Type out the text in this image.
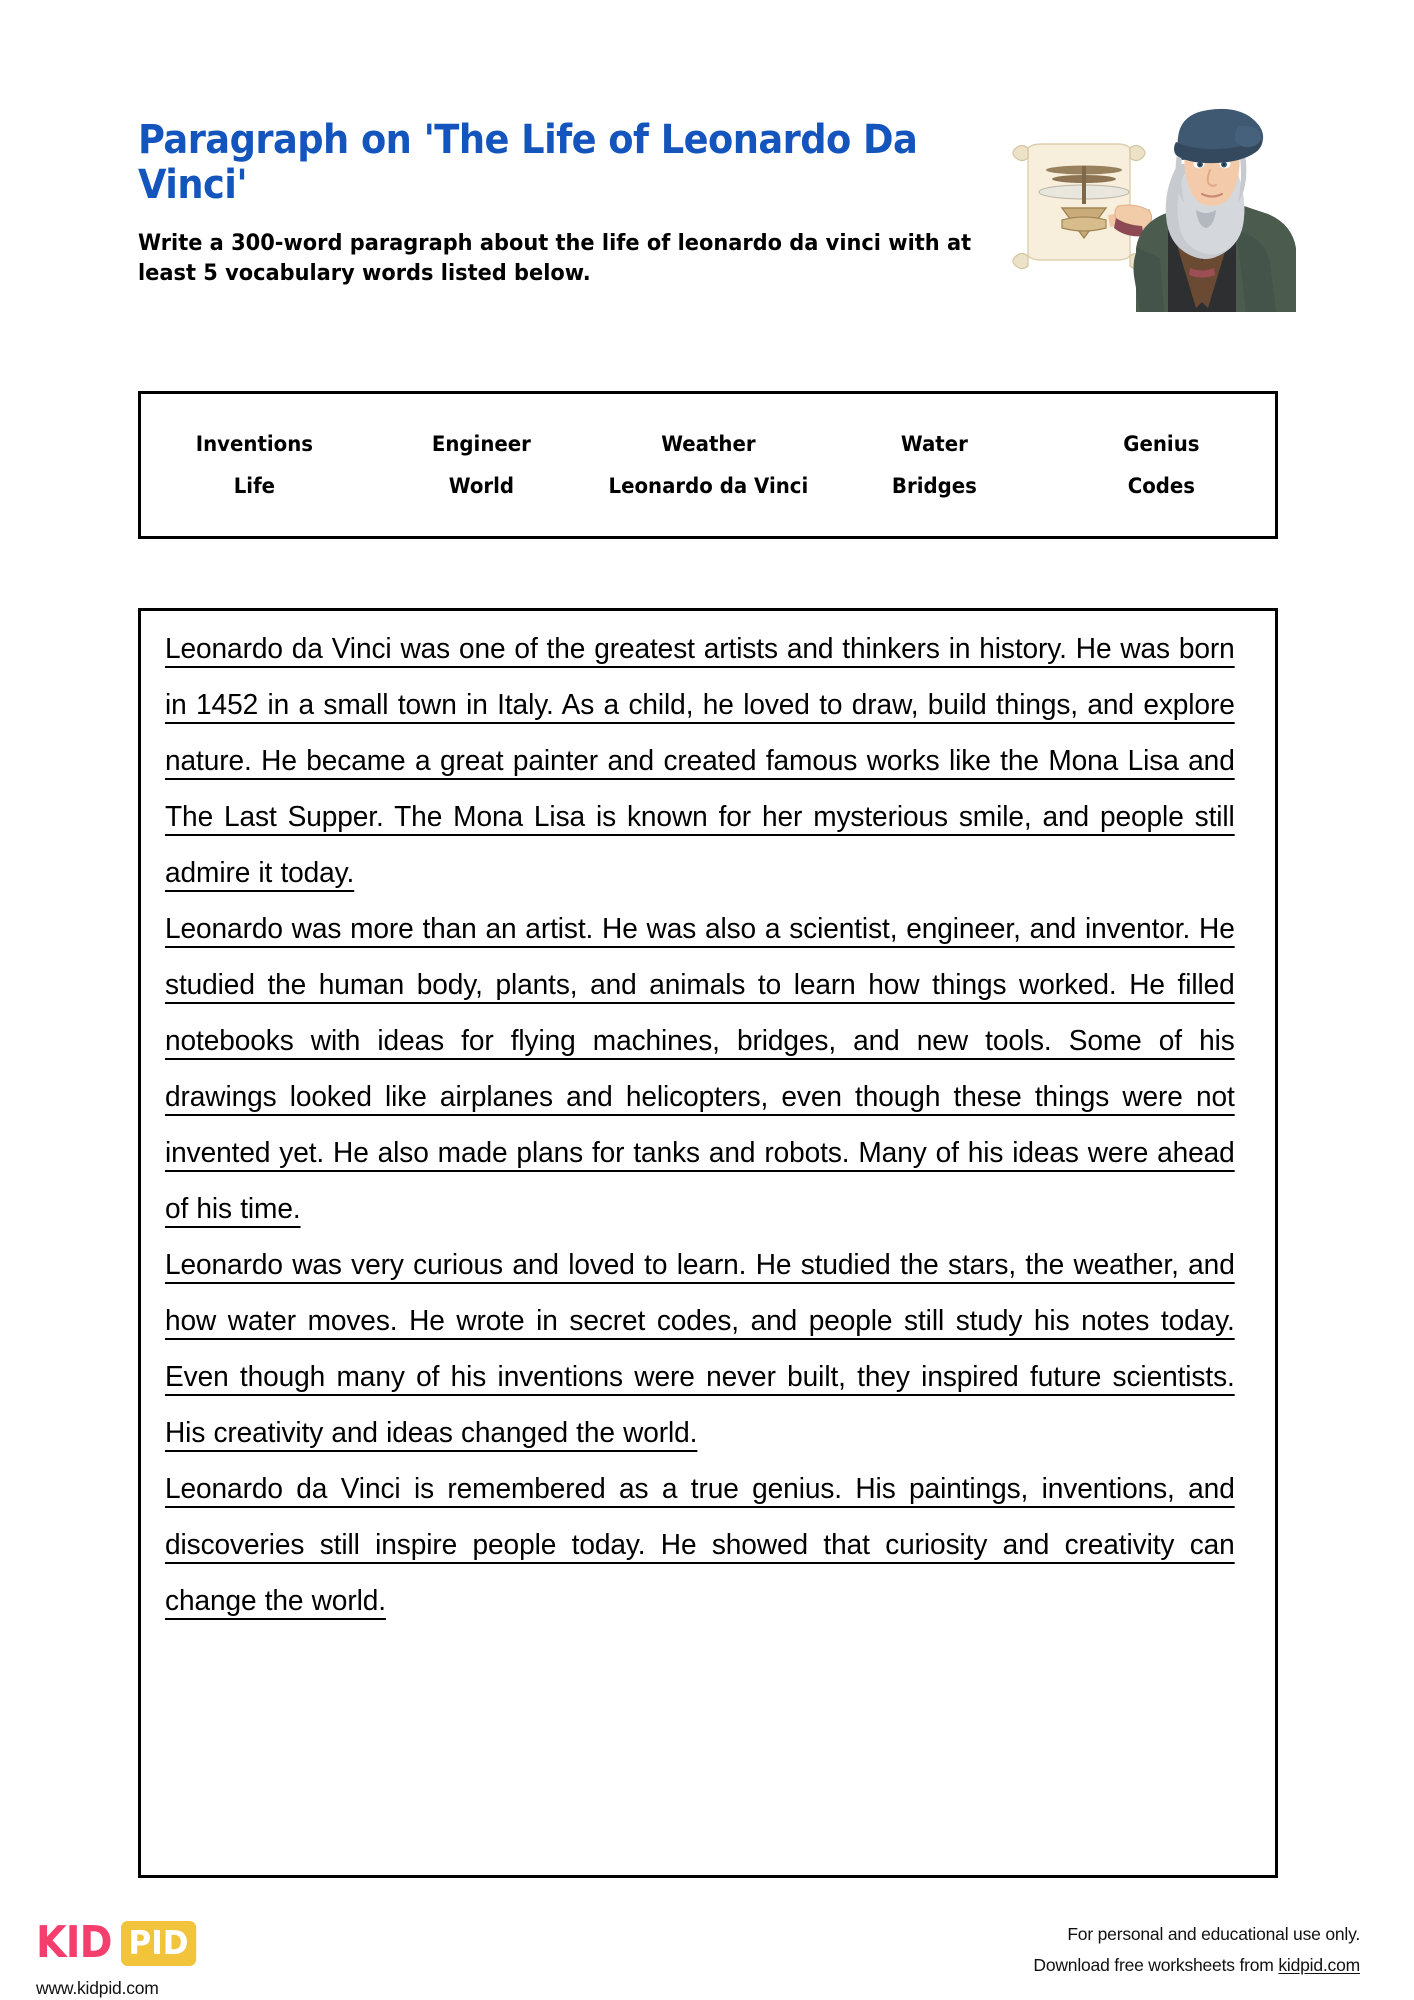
Paragraph on 'The Life of Leonardo Da Vinci'
Write a 300-word paragraph about the life of leonardo da vinci with at least 5 vocabulary words listed below.
Inventions	Engineer	Weather	Water	Genius
Life	World	Leonardo da Vinci	Bridges	Codes
Leonardo da Vinci was one of the greatest artists and thinkers in history. He was born in 1452 in a small town in Italy. As a child, he loved to draw, build things, and explore nature. He became a great painter and created famous works like the Mona Lisa and The Last Supper. The Mona Lisa is known for her mysterious smile, and people still admire it today.
Leonardo was more than an artist. He was also a scientist, engineer, and inventor. He studied the human body, plants, and animals to learn how things worked. He filled notebooks with ideas for flying machines, bridges, and new tools. Some of his drawings looked like airplanes and helicopters, even though these things were not invented yet. He also made plans for tanks and robots. Many of his ideas were ahead of his time.
Leonardo was very curious and loved to learn. He studied the stars, the weather, and how water moves. He wrote in secret codes, and people still study his notes today. Even though many of his inventions were never built, they inspired future scientists. His creativity and ideas changed the world.
Leonardo da Vinci is remembered as a true genius. His paintings, inventions, and discoveries still inspire people today. He showed that curiosity and creativity can change the world.
KID PID
www.kidpid.com
For personal and educational use only.
Download free worksheets from kidpid.com
